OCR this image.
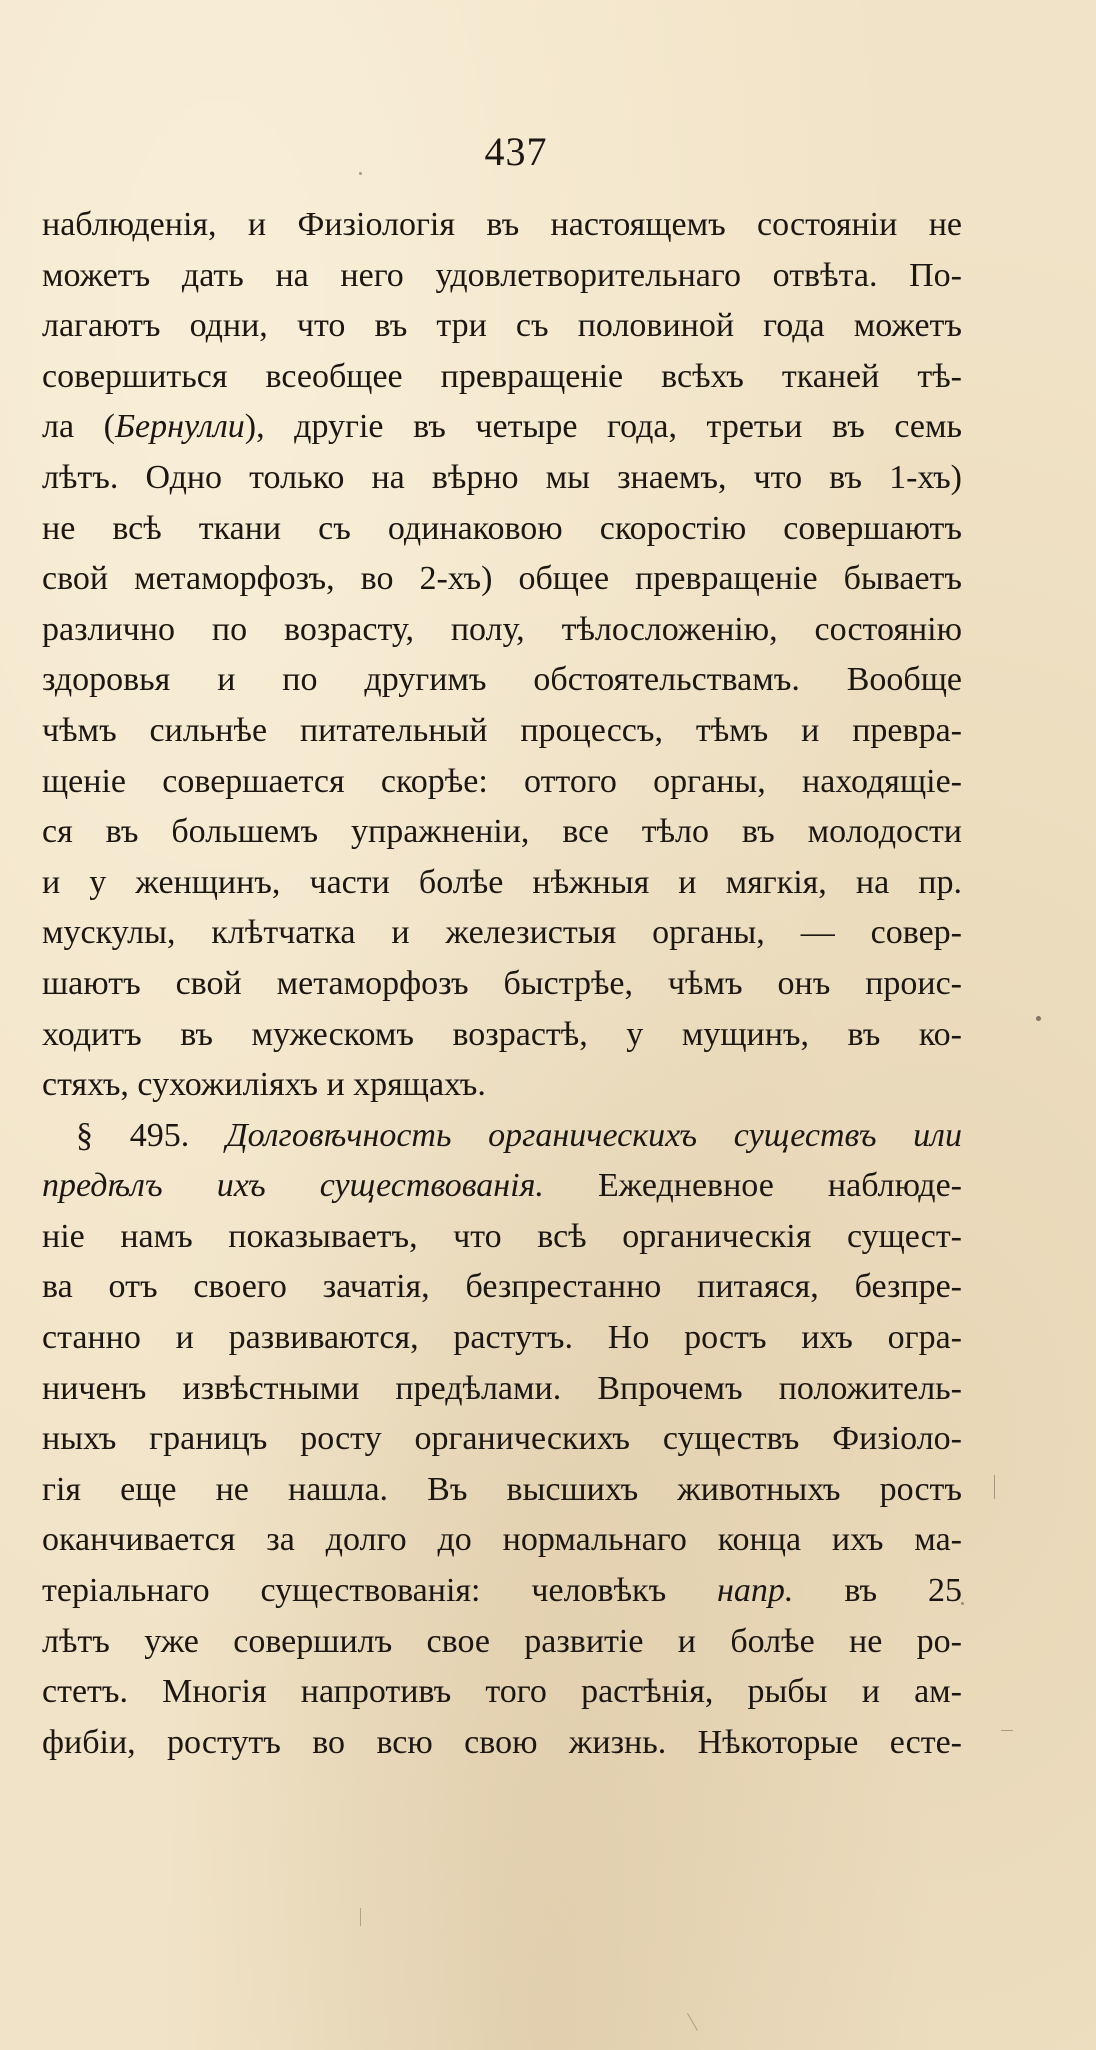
437
наблюденія, и Физіологія въ настоящемъ состояніи не
можетъ дать на него удовлетворительнаго отвѣта. По-
лагаютъ одни, что въ три съ половиной года можетъ
совершиться всеобщее превращеніе всѣхъ тканей тѣ-
ла (Бернулли), другіе въ четыре года, третьи въ семь
лѣтъ. Одно только на вѣрно мы знаемъ, что въ 1-хъ)
не всѣ ткани съ одинаковою скоростію совершаютъ
свой метаморфозъ, во 2-хъ) общее превращеніе бываетъ
различно по возрасту, полу, тѣлосложенію, состоянію
здоровья и по другимъ обстоятельствамъ. Вообще
чѣмъ сильнѣе питательный процессъ, тѣмъ и превра-
щеніе совершается скорѣе: оттого органы, находящіе-
ся въ большемъ упражненіи, все тѣло въ молодости
и у женщинъ, части болѣе нѣжныя и мягкія, на пр.
мускулы, клѣтчатка и железистыя органы, — совер-
шаютъ свой метаморфозъ быстрѣе, чѣмъ онъ проис-
ходитъ въ мужескомъ возрастѣ, у мущинъ, въ ко-
стяхъ, сухожиліяхъ и хрящахъ.
§ 495. Долговѣчность органическихъ существъ или
предѣлъ ихъ существованія. Ежедневное наблюде-
ніе намъ показываетъ, что всѣ органическія сущест-
ва отъ своего зачатія, безпрестанно питаяся, безпре-
станно и развиваются, растутъ. Но ростъ ихъ огра-
ниченъ извѣстными предѣлами. Впрочемъ положитель-
ныхъ границъ росту органическихъ существъ Физіоло-
гія еще не нашла. Въ высшихъ животныхъ ростъ
оканчивается за долго до нормальнаго конца ихъ ма-
теріальнаго существованія: человѣкъ напр. въ 25
лѣтъ уже совершилъ свое развитіе и болѣе не ро-
стетъ. Многія напротивъ того растѣнія, рыбы и ам-
фибіи, ростутъ во всю свою жизнь. Нѣкоторые есте-
